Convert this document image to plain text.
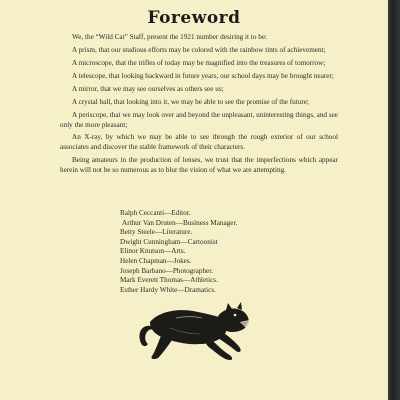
Foreword

We, the “Wild Cat” Staff, present the 1921 number desiring it to be:

A prism, that our studious efforts may be colored with the rainbow tints of achievement;

A microscope, that the trifles of today may be magnified into the treasures of tomorrow;

A telescope, that looking backward in future years, our school days may be brought nearer;

A mirror, that we may see ourselves as others see us;

A crystal ball, that looking into it, we may be able to see the promise of the future;

A periscope, that we may look over and beyond the unpleasant, uninteresting things, and see only the more pleasant;

An X-ray, by which we may be able to see through the rough exterior of our school associates and discover the stable framework of their characters.

Being amateurs in the production of lenses, we trust that the imperfections which appear herein will not be so numerous as to blur the vision of what we are attempting.

Ralph Ceccanti—Editor.
Arthur Van Druten—Business Manager.
Betty Steele—Literature.
Dwight Cunningham—Cartoonist
Elinor Knutson—Arts.
Helen Chapman—Jokes.
Joseph Barbano—Photographer.
Mark Everett Thomas—Athletics.
Esther Hardy White—Dramatics.
